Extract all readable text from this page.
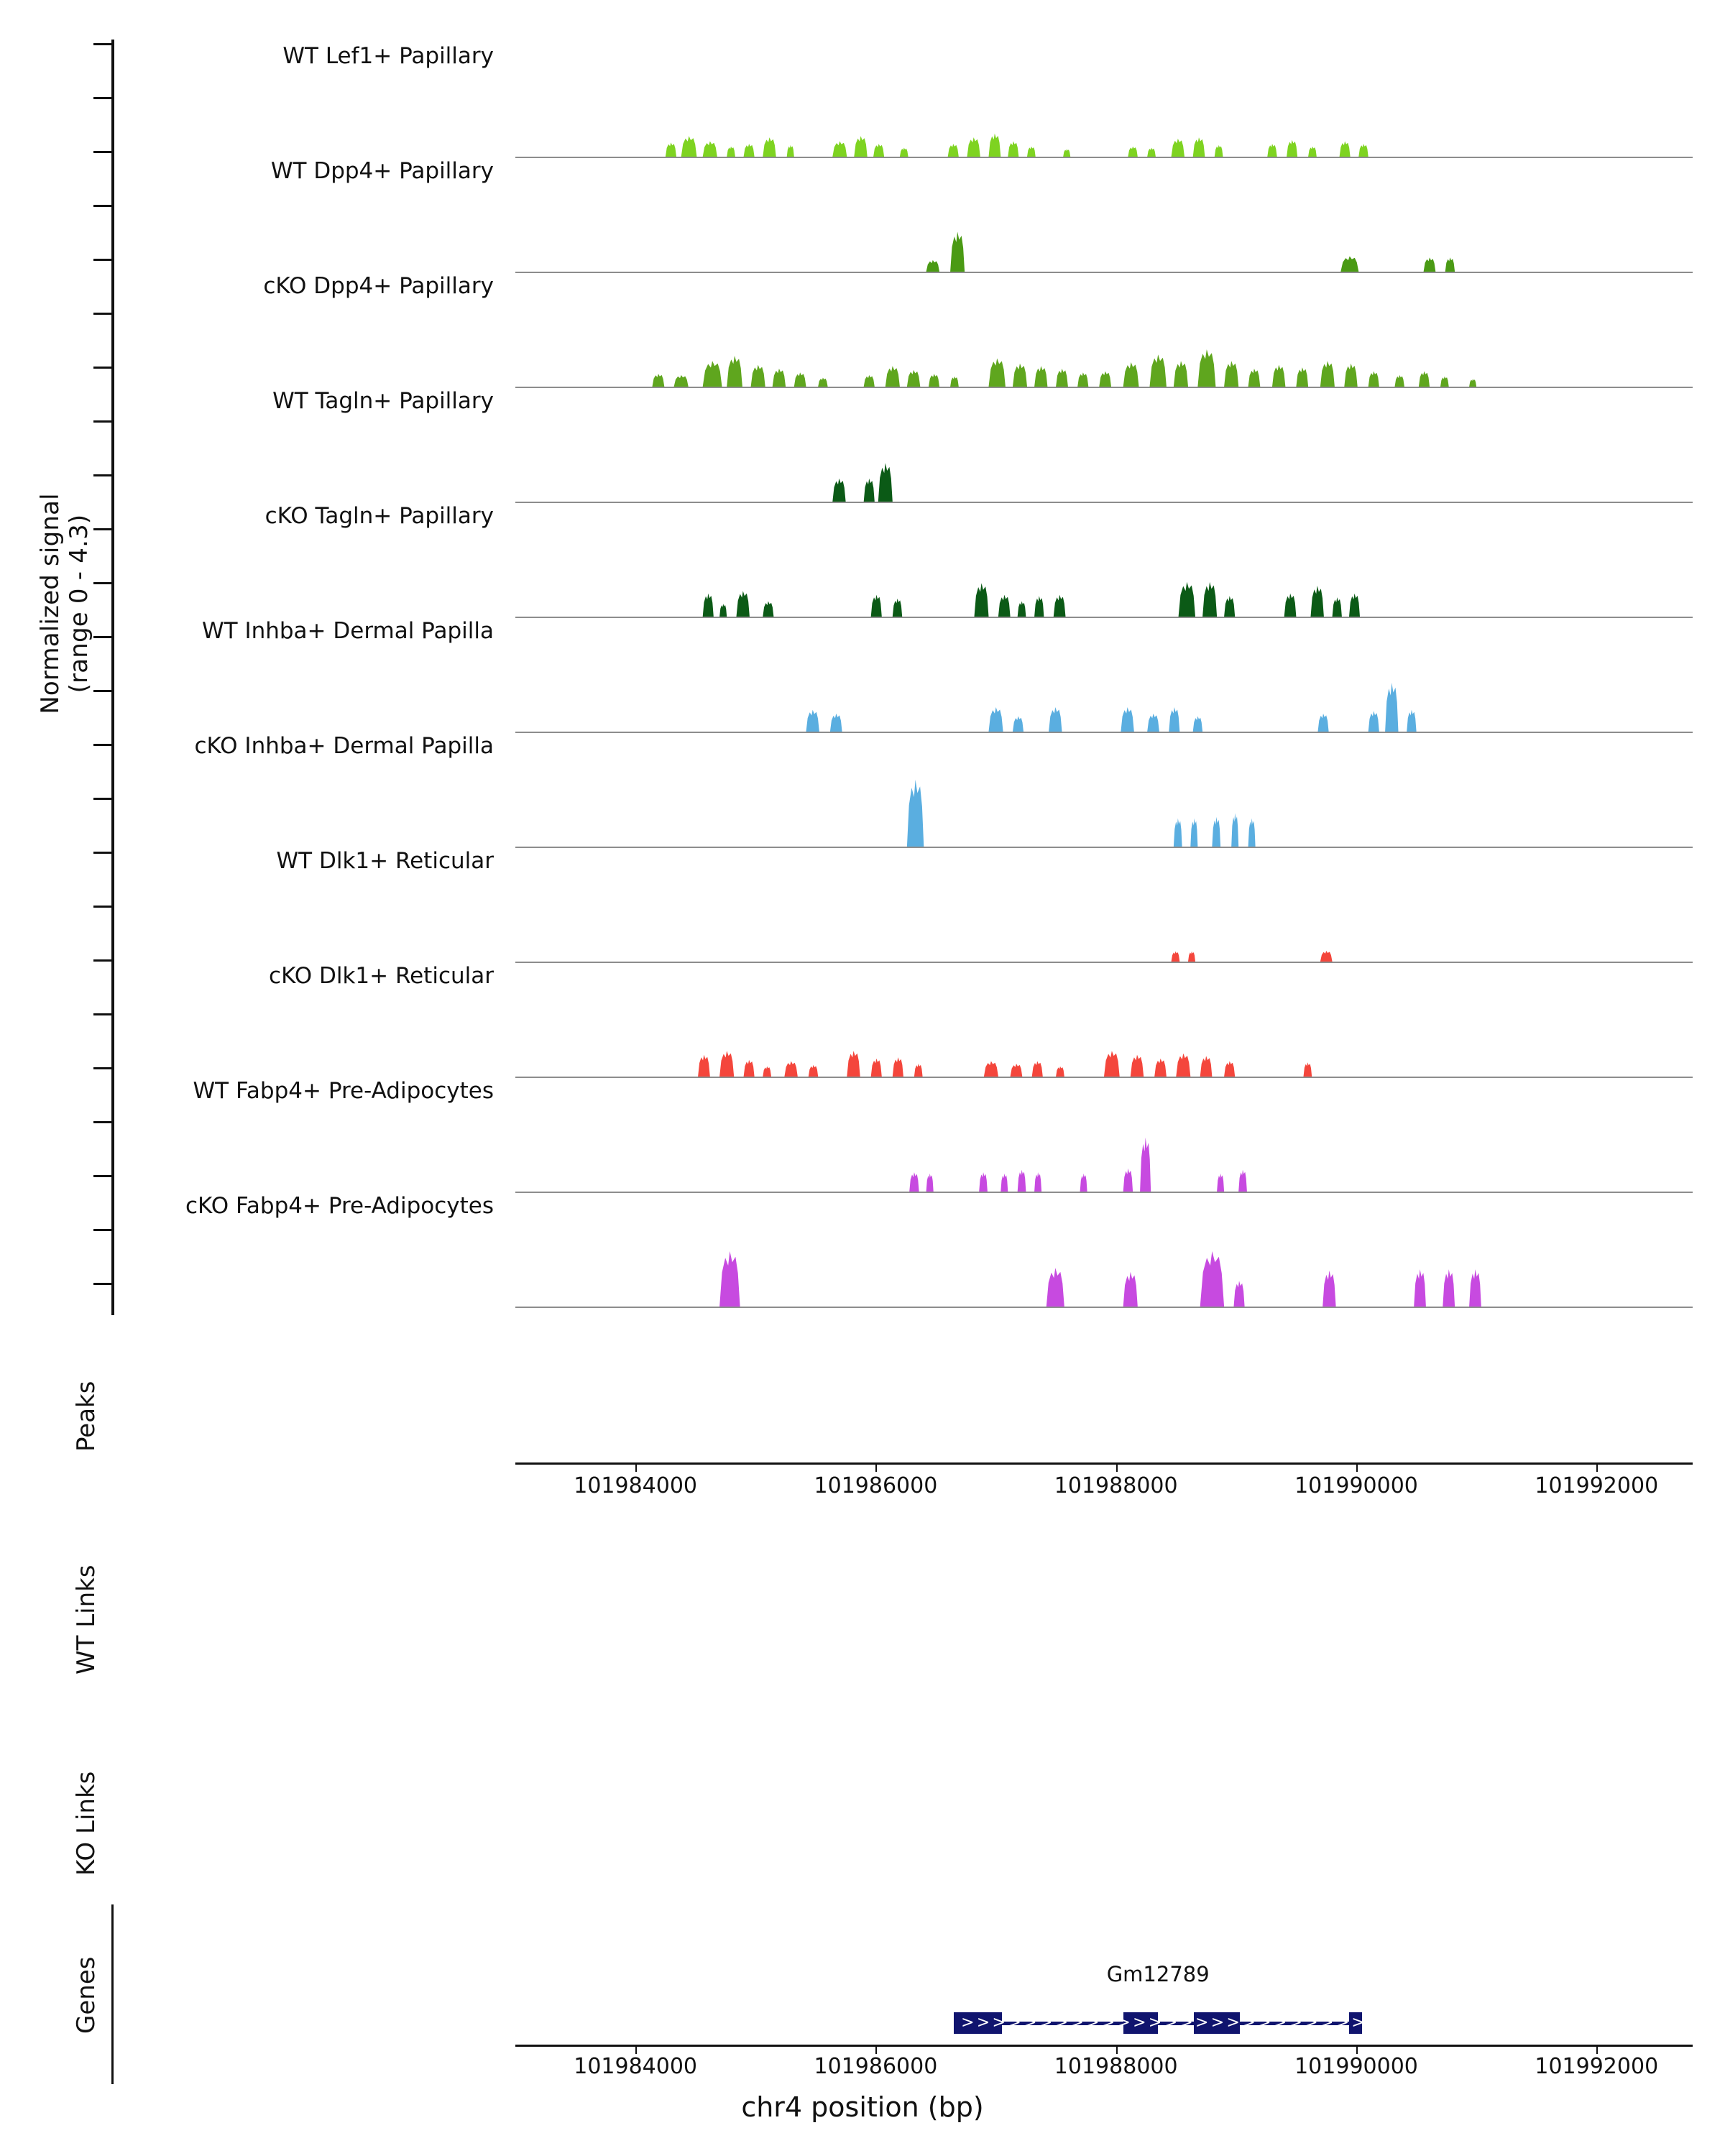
Normalized signal (range 0 - 4.3)
Peaks
WT Links
KO Links
Genes
WT Lef1+ Papillary
WT Dpp4+ Papillary
cKO Dpp4+ Papillary
WT Tagln+ Papillary
cKO Tagln+ Papillary
WT Inhba+ Dermal Papilla
cKO Inhba+ Dermal Papilla
WT Dlk1+ Reticular
cKO Dlk1+ Reticular
WT Fabp4+ Pre-Adipocytes
cKO Fabp4+ Pre-Adipocytes
101984000	101986000	101988000	101990000	101992000
101984000	101986000	101988000	101990000	101992000
Gm12789
> > > > > > > > > > > > > > > > > > > > > > > > > >
chr4 position (bp)
